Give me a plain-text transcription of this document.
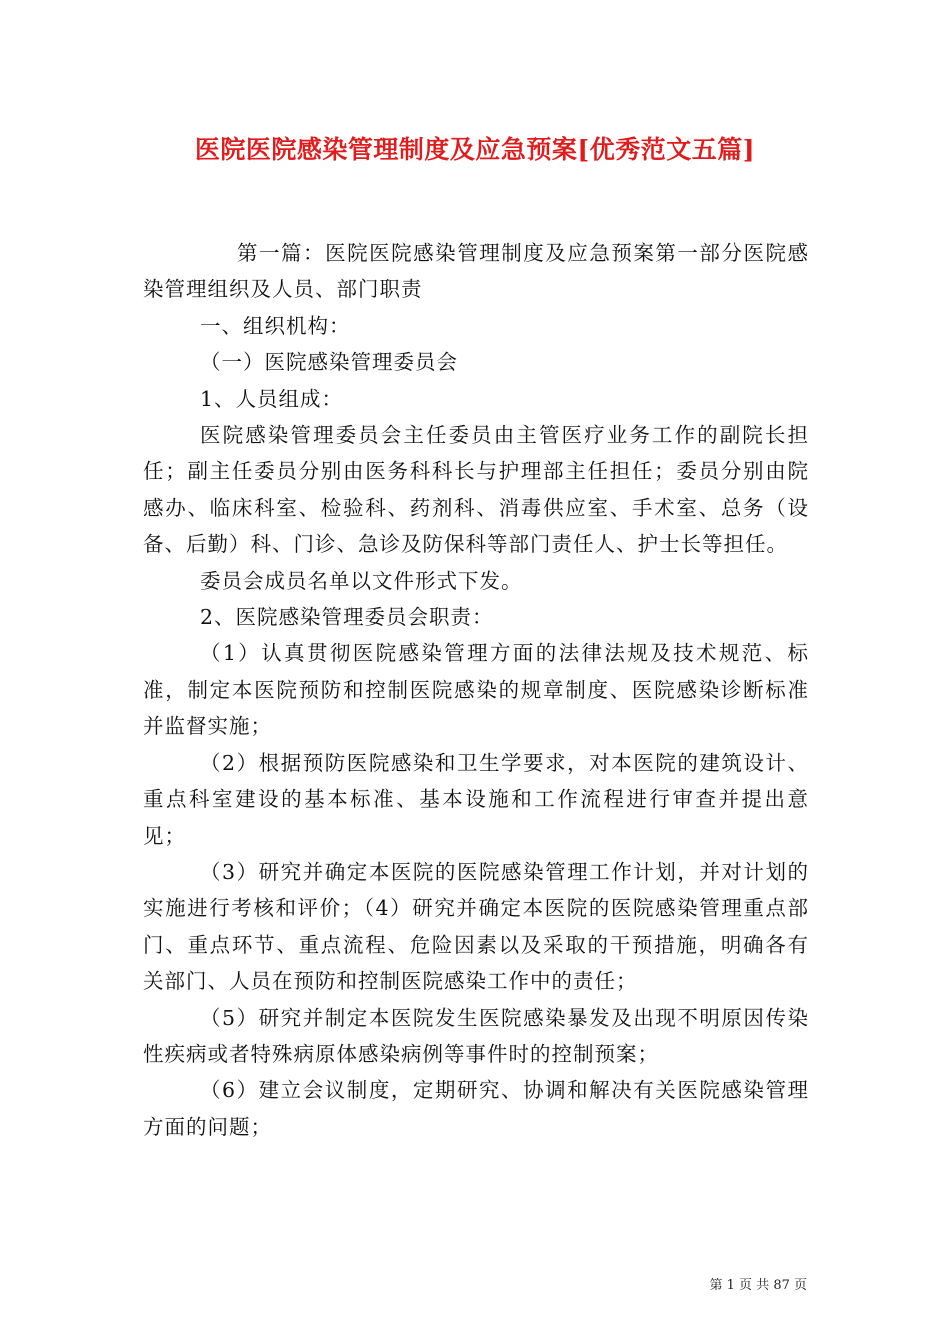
医院医院感染管理制度及应急预案[优秀范文五篇]

第一篇：医院医院感染管理制度及应急预案第一部分医院感染管理组织及人员、部门职责

一、组织机构：

（一）医院感染管理委员会

1、人员组成：

医院感染管理委员会主任委员由主管医疗业务工作的副院长担任；副主任委员分别由医务科科长与护理部主任担任；委员分别由院感办、临床科室、检验科、药剂科、消毒供应室、手术室、总务（设备、后勤）科、门诊、急诊及防保科等部门责任人、护士长等担任。

委员会成员名单以文件形式下发。

2、医院感染管理委员会职责：

（1）认真贯彻医院感染管理方面的法律法规及技术规范、标准，制定本医院预防和控制医院感染的规章制度、医院感染诊断标准并监督实施；

（2）根据预防医院感染和卫生学要求，对本医院的建筑设计、重点科室建设的基本标准、基本设施和工作流程进行审查并提出意见；

（3）研究并确定本医院的医院感染管理工作计划，并对计划的实施进行考核和评价；（4）研究并确定本医院的医院感染管理重点部门、重点环节、重点流程、危险因素以及采取的干预措施，明确各有关部门、人员在预防和控制医院感染工作中的责任；

（5）研究并制定本医院发生医院感染暴发及出现不明原因传染性疾病或者特殊病原体感染病例等事件时的控制预案；

（6）建立会议制度，定期研究、协调和解决有关医院感染管理方面的问题；

第 1 页 共 87 页
